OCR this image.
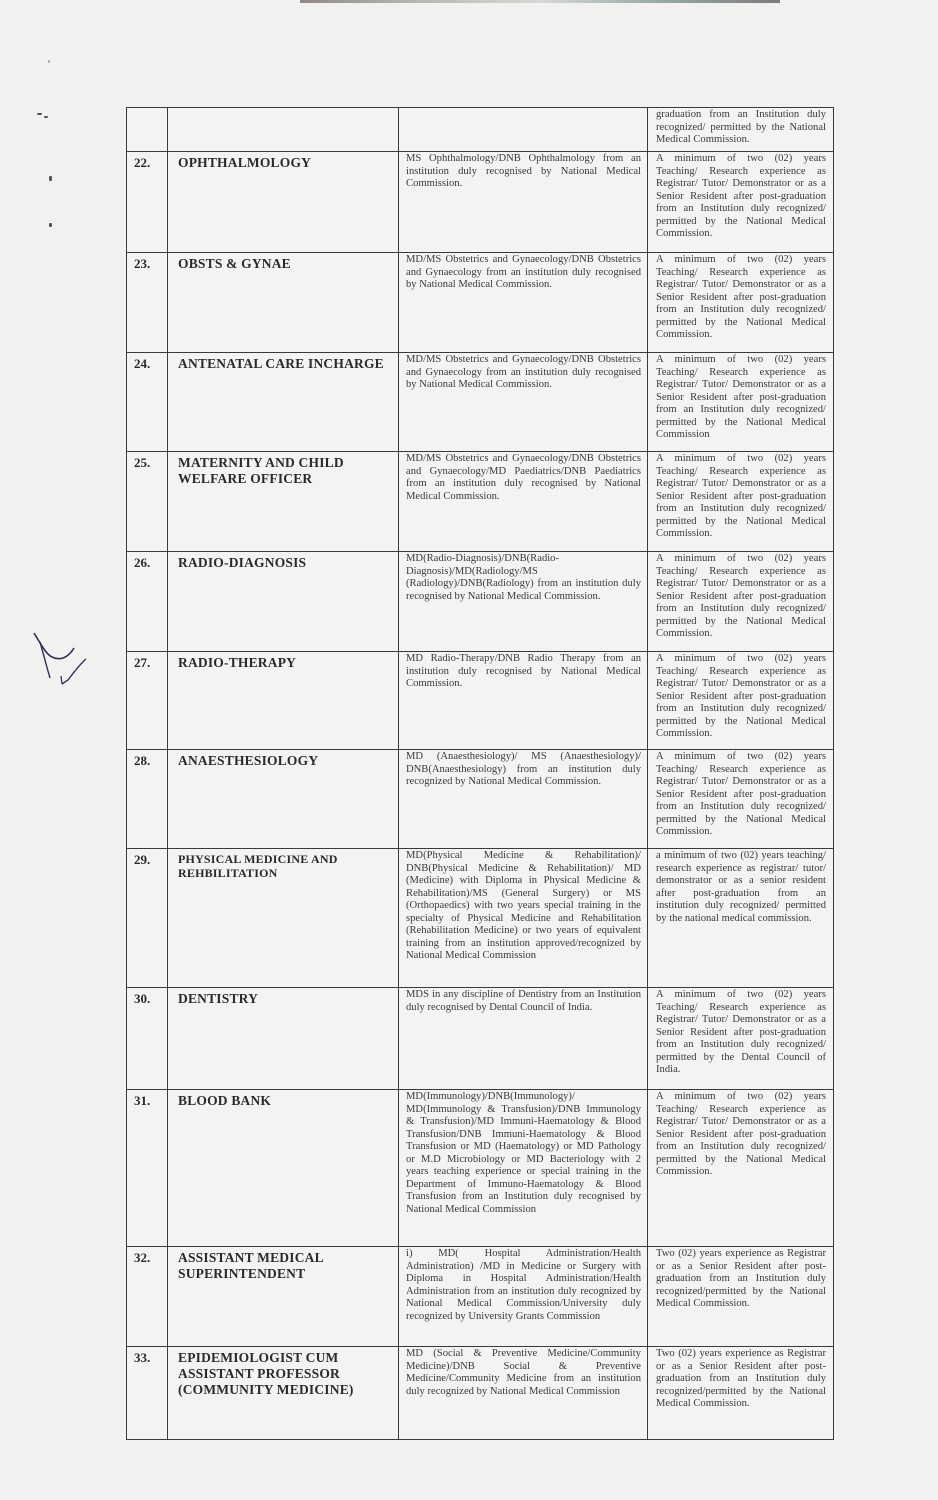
			graduation from an Institution duly recognized/ permitted by the National Medical Commission.
22.	OPHTHALMOLOGY	MS Ophthalmology/DNB Ophthalmology from an institution duly recognised by National Medical Commission.	A minimum of two (02) years Teaching/ Research experience as Registrar/ Tutor/ Demonstrator or as a Senior Resident after post-graduation from an Institution duly recognized/ permitted by the National Medical Commission.
23.	OBSTS & GYNAE	MD/MS Obstetrics and Gynaecology/DNB Obstetrics and Gynaecology from an institution duly recognised by National Medical Commission.	A minimum of two (02) years Teaching/ Research experience as Registrar/ Tutor/ Demonstrator or as a Senior Resident after post-graduation from an Institution duly recognized/ permitted by the National Medical Commission.
24.	ANTENATAL CARE INCHARGE	MD/MS Obstetrics and Gynaecology/DNB Obstetrics and Gynaecology from an institution duly recognised by National Medical Commission.	A minimum of two (02) years Teaching/ Research experience as Registrar/ Tutor/ Demonstrator or as a Senior Resident after post-graduation from an Institution duly recognized/ permitted by the National Medical Commission
25.	MATERNITY AND CHILD WELFARE OFFICER	MD/MS Obstetrics and Gynaecology/DNB Obstetrics and Gynaecology/MD Paediatrics/DNB Paediatrics from an institution duly recognised by National Medical Commission.	A minimum of two (02) years Teaching/ Research experience as Registrar/ Tutor/ Demonstrator or as a Senior Resident after post-graduation from an Institution duly recognized/ permitted by the National Medical Commission.
26.	RADIO-DIAGNOSIS	MD(Radio-Diagnosis)/DNB(Radio-Diagnosis)/MD(Radiology/MS (Radiology)/DNB(Radiology) from an institution duly recognised by National Medical Commission.	A minimum of two (02) years Teaching/ Research experience as Registrar/ Tutor/ Demonstrator or as a Senior Resident after post-graduation from an Institution duly recognized/ permitted by the National Medical Commission.
27.	RADIO-THERAPY	MD Radio-Therapy/DNB Radio Therapy from an institution duly recognised by National Medical Commission.	A minimum of two (02) years Teaching/ Research experience as Registrar/ Tutor/ Demonstrator or as a Senior Resident after post-graduation from an Institution duly recognized/ permitted by the National Medical Commission.
28.	ANAESTHESIOLOGY	MD (Anaesthesiology)/ MS (Anaesthesiology)/ DNB(Anaesthesiology) from an institution duly recognized by National Medical Commission.	A minimum of two (02) years Teaching/ Research experience as Registrar/ Tutor/ Demonstrator or as a Senior Resident after post-graduation from an Institution duly recognized/ permitted by the National Medical Commission.
29.	PHYSICAL MEDICINE AND REHBILITATION	MD(Physical Medicine & Rehabilitation)/ DNB(Physical Medicine & Rehabilitation)/ MD (Medicine) with Diploma in Physical Medicine & Rehabilitation)/MS (General Surgery) or MS (Orthopaedics) with two years special training in the specialty of Physical Medicine and Rehabilitation (Rehabilitation Medicine) or two years of equivalent training from an institution approved/recognized by National Medical Commission	a minimum of two (02) years teaching/ research experience as registrar/ tutor/ demonstrator or as a senior resident after post-graduation from an institution duly recognized/ permitted by the national medical commission.
30.	DENTISTRY	MDS in any discipline of Dentistry from an Institution duly recognised by Dental Council of India.	A minimum of two (02) years Teaching/ Research experience as Registrar/ Tutor/ Demonstrator or as a Senior Resident after post-graduation from an Institution duly recognized/ permitted by the Dental Council of India.
31.	BLOOD BANK	MD(Immunology)/DNB(Immunology)/ MD(Immunology & Transfusion)/DNB Immunology & Transfusion)/MD Immuni-Haematology & Blood Transfusion/DNB Immuni-Haematology & Blood Transfusion or MD (Haematology) or MD Pathology or M.D Microbiology or MD Bacteriology with 2 years teaching experience or special training in the Department of Immuno-Haematology & Blood Transfusion from an Institution duly recognised by National Medical Commission	A minimum of two (02) years Teaching/ Research experience as Registrar/ Tutor/ Demonstrator or as a Senior Resident after post-graduation from an Institution duly recognized/ permitted by the National Medical Commission.
32.	ASSISTANT MEDICAL SUPERINTENDENT	i) MD( Hospital Administration/Health Administration) /MD in Medicine or Surgery with Diploma in Hospital Administration/Health Administration from an institution duly recognized by National Medical Commission/University duly recognized by University Grants Commission	Two (02) years experience as Registrar or as a Senior Resident after post-graduation from an Institution duly recognized/permitted by the National Medical Commission.
33.	EPIDEMIOLOGIST CUM ASSISTANT PROFESSOR (COMMUNITY MEDICINE)	MD (Social & Preventive Medicine/Community Medicine)/DNB Social & Preventive Medicine/Community Medicine from an institution duly recognized by National Medical Commission	Two (02) years experience as Registrar or as a Senior Resident after post-graduation from an Institution duly recognized/permitted by the National Medical Commission.
